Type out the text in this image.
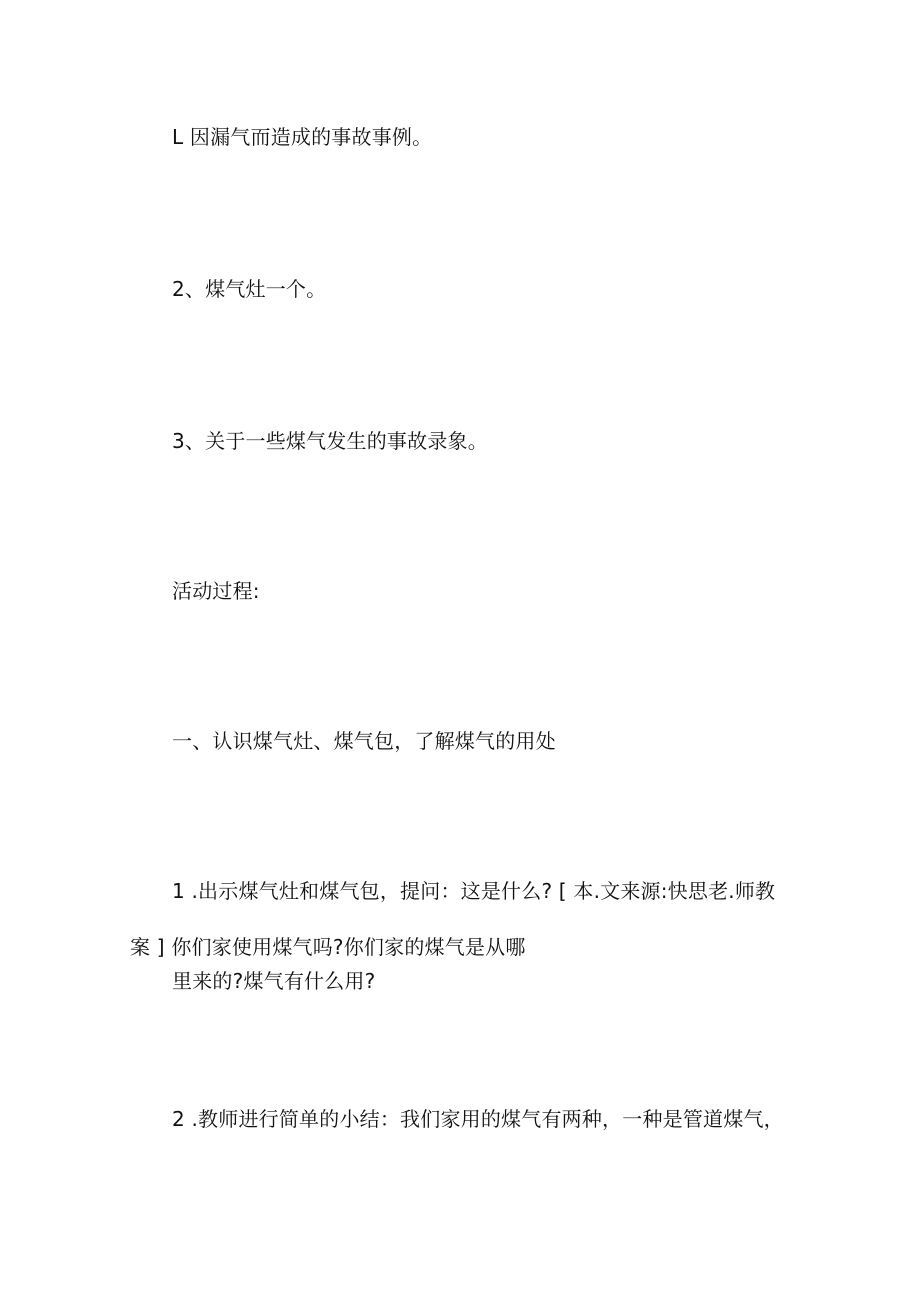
L 因漏气而造成的事故事例。
2、煤气灶一个。
3、关于一些煤气发生的事故录象。
活动过程:
一、认识煤气灶、煤气包，了解煤气的用处
1 .出示煤气灶和煤气包，提问：这是什么? [ 本.文来源:快思老.师教
案 ] 你们家使用煤气吗?你们家的煤气是从哪
里来的?煤气有什么用?
2 .教师进行简单的小结：我们家用的煤气有两种，一种是管道煤气，
